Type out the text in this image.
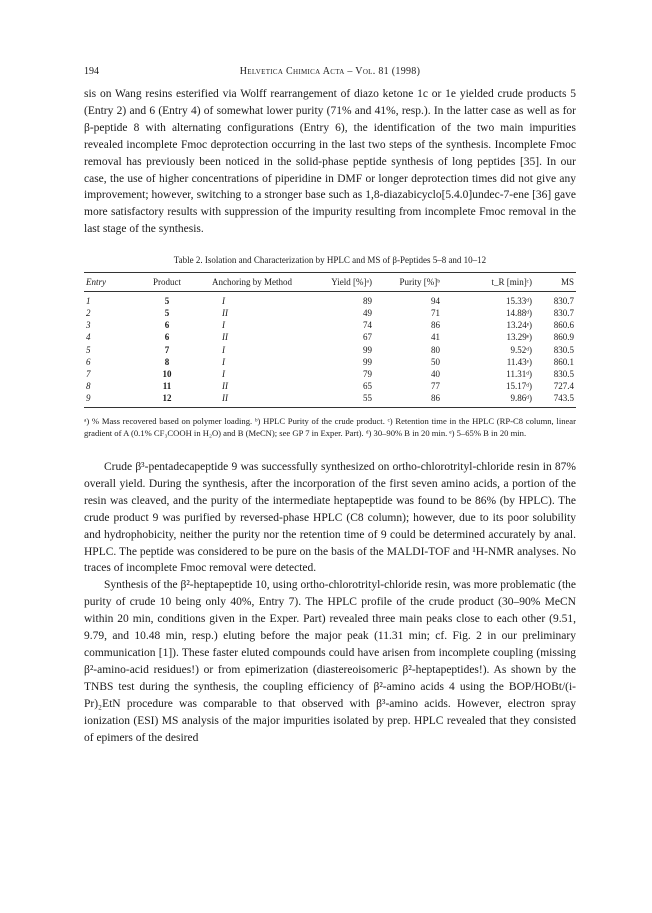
194	Helvetica Chimica Acta – Vol. 81 (1998)

sis on Wang resins esterified via Wolff rearrangement of diazo ketone 1c or 1e yielded crude products 5 (Entry 2) and 6 (Entry 4) of somewhat lower purity (71% and 41%, resp.). In the latter case as well as for β-peptide 8 with alternating configurations (Entry 6), the identification of the two main impurities revealed incomplete Fmoc deprotection occurring in the last two steps of the synthesis. Incomplete Fmoc removal has previously been noticed in the solid-phase peptide synthesis of long peptides [35]. In our case, the use of higher concentrations of piperidine in DMF or longer deprotection times did not give any improvement; however, switching to a stronger base such as 1,8-diazabicyclo[5.4.0]undec-7-ene [36] gave more satisfactory results with suppression of the impurity resulting from incomplete Fmoc removal in the last stage of the synthesis.

Table 2. Isolation and Characterization by HPLC and MS of β-Peptides 5–8 and 10–12
Entry	Product	Anchoring by Method	Yield [%]ᵃ)	Purity [%]ᵇ	t_R [min]ᶜ)	MS
1	5	I	89	94	15.33ᵈ)	830.7
2	5	II	49	71	14.88ᵈ)	830.7
3	6	I	74	86	13.24ᵉ)	860.6
4	6	II	67	41	13.29ᵉ)	860.9
5	7	I	99	80	9.52ᵈ)	830.5
6	8	I	99	50	11.43ᵉ)	860.1
7	10	I	79	40	11.31ᵈ)	830.5
8	11	II	65	77	15.17ᵈ)	727.4
9	12	II	55	86	9.86ᵈ)	743.5
ᵃ) % Mass recovered based on polymer loading. ᵇ) HPLC Purity of the crude product. ᶜ) Retention time in the HPLC (RP-C8 column, linear gradient of A (0.1% CF₃COOH in H₂O) and B (MeCN); see GP 7 in Exper. Part). ᵈ) 30–90% B in 20 min. ᵉ) 5–65% B in 20 min.

Crude β³-pentadecapeptide 9 was successfully synthesized on ortho-chlorotrityl-chloride resin in 87% overall yield. During the synthesis, after the incorporation of the first seven amino acids, a portion of the resin was cleaved, and the purity of the intermediate heptapeptide was found to be 86% (by HPLC). The crude product 9 was purified by reversed-phase HPLC (C8 column); however, due to its poor solubility and hydrophobicity, neither the purity nor the retention time of 9 could be determined accurately by anal. HPLC. The peptide was considered to be pure on the basis of the MALDI-TOF and ¹H-NMR analyses. No traces of incomplete Fmoc removal were detected.

Synthesis of the β²-heptapeptide 10, using ortho-chlorotrityl-chloride resin, was more problematic (the purity of crude 10 being only 40%, Entry 7). The HPLC profile of the crude product (30–90% MeCN within 20 min, conditions given in the Exper. Part) revealed three main peaks close to each other (9.51, 9.79, and 10.48 min, resp.) eluting before the major peak (11.31 min; cf. Fig. 2 in our preliminary communication [1]). These faster eluted compounds could have arisen from incomplete coupling (missing β²-amino-acid residues!) or from epimerization (diastereoisomeric β²-heptapeptides!). As shown by the TNBS test during the synthesis, the coupling efficiency of β²-amino acids 4 using the BOP/HOBt/(i-Pr)₂EtN procedure was comparable to that observed with β³-amino acids. However, electron spray ionization (ESI) MS analysis of the major impurities isolated by prep. HPLC revealed that they consisted of epimers of the desired
